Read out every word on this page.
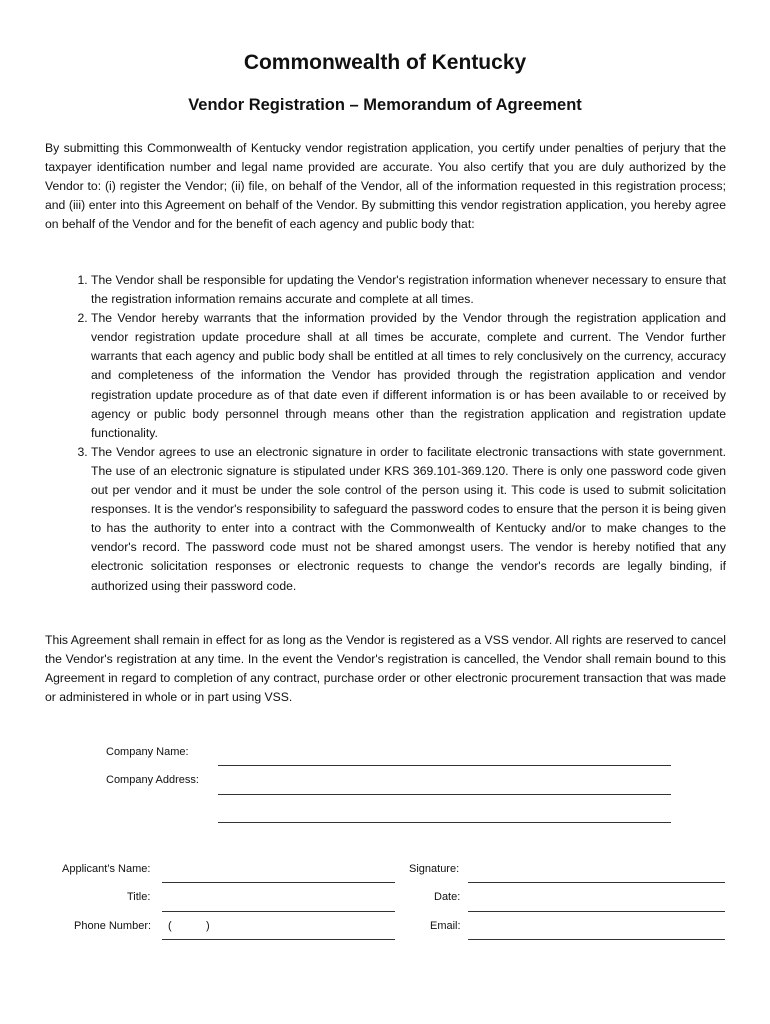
Commonwealth of Kentucky
Vendor Registration – Memorandum of Agreement

By submitting this Commonwealth of Kentucky vendor registration application, you certify under penalties of perjury that the taxpayer identification number and legal name provided are accurate. You also certify that you are duly authorized by the Vendor to: (i) register the Vendor; (ii) file, on behalf of the Vendor, all of the information requested in this registration process; and (iii) enter into this Agreement on behalf of the Vendor. By submitting this vendor registration application, you hereby agree on behalf of the Vendor and for the benefit of each agency and public body that:

1. The Vendor shall be responsible for updating the Vendor's registration information whenever necessary to ensure that the registration information remains accurate and complete at all times.
2. The Vendor hereby warrants that the information provided by the Vendor through the registration application and vendor registration update procedure shall at all times be accurate, complete and current. The Vendor further warrants that each agency and public body shall be entitled at all times to rely conclusively on the currency, accuracy and completeness of the information the Vendor has provided through the registration application and vendor registration update procedure as of that date even if different information is or has been available to or received by agency or public body personnel through means other than the registration application and registration update functionality.
3. The Vendor agrees to use an electronic signature in order to facilitate electronic transactions with state government. The use of an electronic signature is stipulated under KRS 369.101-369.120. There is only one password code given out per vendor and it must be under the sole control of the person using it. This code is used to submit solicitation responses. It is the vendor's responsibility to safeguard the password codes to ensure that the person it is being given to has the authority to enter into a contract with the Commonwealth of Kentucky and/or to make changes to the vendor's record. The password code must not be shared amongst users. The vendor is hereby notified that any electronic solicitation responses or electronic requests to change the vendor's records are legally binding, if authorized using their password code.

This Agreement shall remain in effect for as long as the Vendor is registered as a VSS vendor. All rights are reserved to cancel the Vendor's registration at any time. In the event the Vendor's registration is cancelled, the Vendor shall remain bound to this Agreement in regard to completion of any contract, purchase order or other electronic procurement transaction that was made or administered in whole or in part using VSS.

Company Name:
Company Address:
Applicant’s Name:
Title:
Phone Number: (	)
Signature:
Date:
Email:
